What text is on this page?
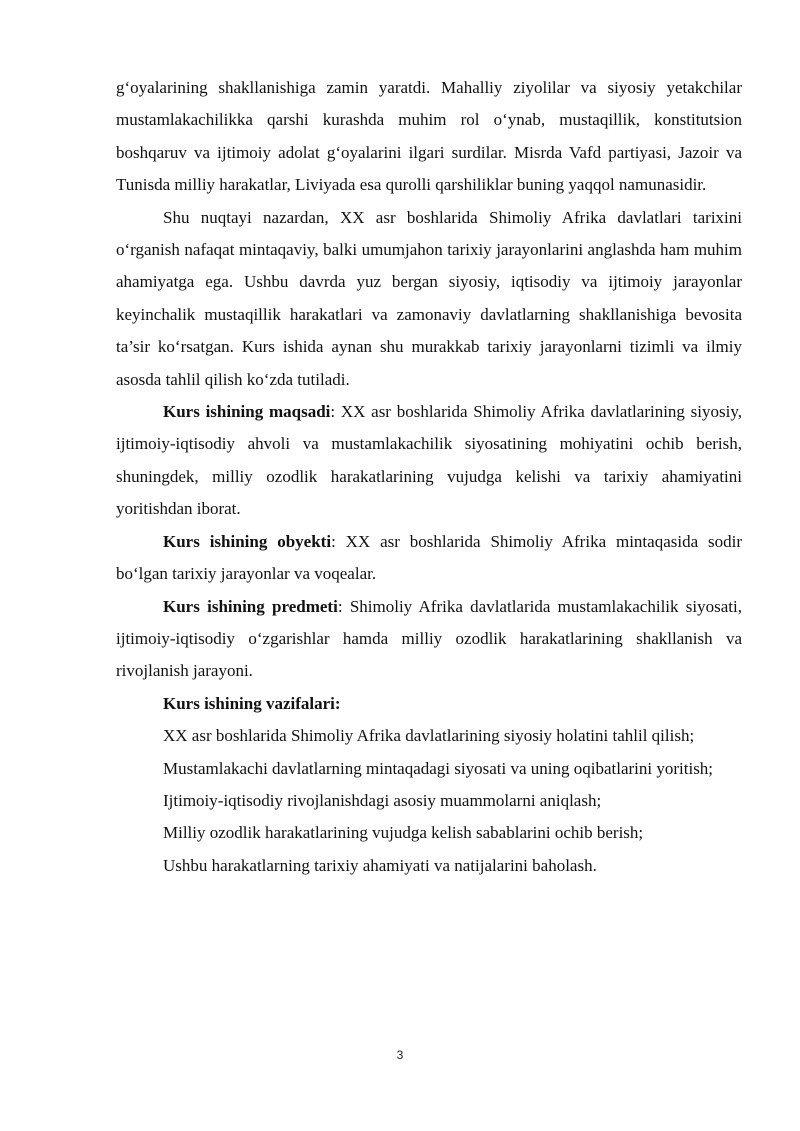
g‘oyalarining shakllanishiga zamin yaratdi. Mahalliy ziyolilar va siyosiy yetakchilar mustamlakachilikka qarshi kurashda muhim rol o‘ynab, mustaqillik, konstitutsion boshqaruv va ijtimoiy adolat g‘oyalarini ilgari surdilar. Misrda Vafd partiyasi, Jazoir va Tunisda milliy harakatlar, Liviyada esa qurolli qarshiliklar buning yaqqol namunasidir.

Shu nuqtayi nazardan, XX asr boshlarida Shimoliy Afrika davlatlari tarixini o‘rganish nafaqat mintaqaviy, balki umumjahon tarixiy jarayonlarini anglashda ham muhim ahamiyatga ega. Ushbu davrda yuz bergan siyosiy, iqtisodiy va ijtimoiy jarayonlar keyinchalik mustaqillik harakatlari va zamonaviy davlatlarning shakllanishiga bevosita ta’sir ko‘rsatgan. Kurs ishida aynan shu murakkab tarixiy jarayonlarni tizimli va ilmiy asosda tahlil qilish ko‘zda tutiladi.

Kurs ishining maqsadi: XX asr boshlarida Shimoliy Afrika davlatlarining siyosiy, ijtimoiy-iqtisodiy ahvoli va mustamlakachilik siyosatining mohiyatini ochib berish, shuningdek, milliy ozodlik harakatlarining vujudga kelishi va tarixiy ahamiyatini yoritishdan iborat.

Kurs ishining obyekti: XX asr boshlarida Shimoliy Afrika mintaqasida sodir bo‘lgan tarixiy jarayonlar va voqealar.

Kurs ishining predmeti: Shimoliy Afrika davlatlarida mustamlakachilik siyosati, ijtimoiy-iqtisodiy o‘zgarishlar hamda milliy ozodlik harakatlarining shakllanish va rivojlanish jarayoni.

Kurs ishining vazifalari:

XX asr boshlarida Shimoliy Afrika davlatlarining siyosiy holatini tahlil qilish;

Mustamlakachi davlatlarning mintaqadagi siyosati va uning oqibatlarini yoritish;

Ijtimoiy-iqtisodiy rivojlanishdagi asosiy muammolarni aniqlash;

Milliy ozodlik harakatlarining vujudga kelish sabablarini ochib berish;

Ushbu harakatlarning tarixiy ahamiyati va natijalarini baholash.

3
